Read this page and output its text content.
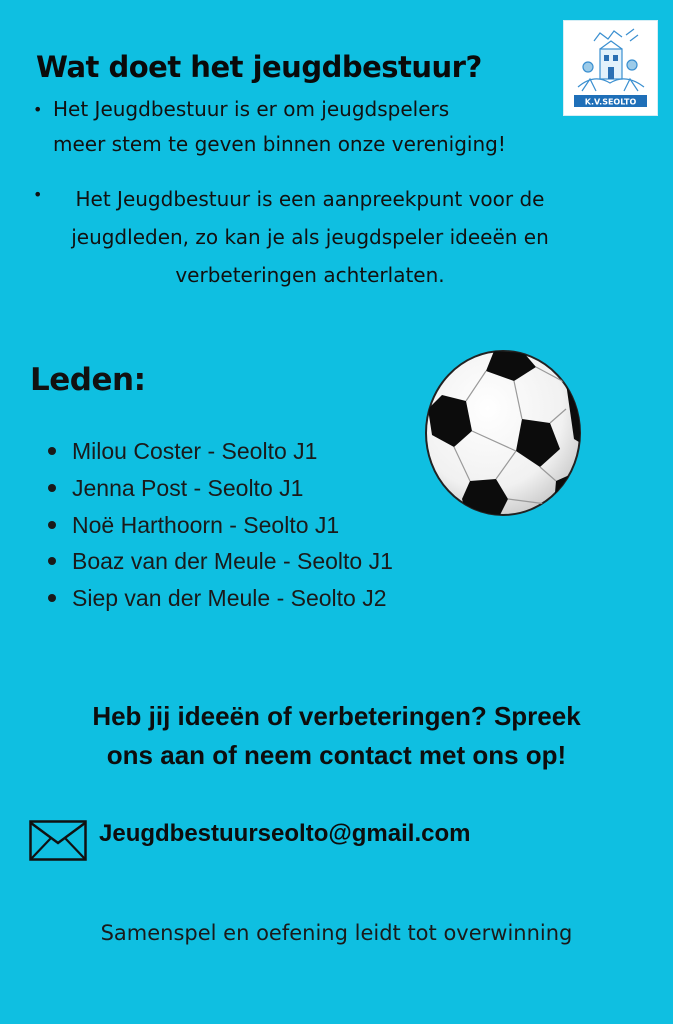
Wat doet het jeugdbestuur?
K.V.SEOLTO
• Het Jeugdbestuur is er om jeugdspelers
meer stem te geven binnen onze vereniging!
•	Het Jeugdbestuur is een aanpreekpunt voor de jeugdleden, zo kan je als jeugdspeler ideeën en verbeteringen achterlaten.
Leden:
Milou Coster - Seolto J1
Jenna Post - Seolto J1
Noë Harthoorn - Seolto J1
Boaz van der Meule - Seolto J1
Siep van der Meule - Seolto J2
Heb jij ideeën of verbeteringen? Spreek
ons aan of neem contact met ons op!
Jeugdbestuurseolto@gmail.com
Samenspel en oefening leidt tot overwinning
